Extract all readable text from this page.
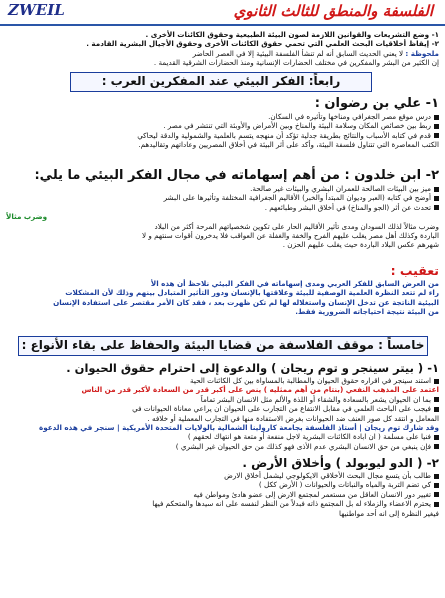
الفلسفة والمنطق للثالث الثانوي
ZWEIL
١- وضع التشريعات والقوانين اللازمة لصون البيئة الطبيعية وحقوق الكائنات الأخرى .
٢- إيقاظ أخلاقيات البحث العلمي التي تحمي حقوق الكائنات الأخرى وحقوق الأجيال البشرية القادمة .
ملحوظة : لا يعني الحديث السابق أنه لم تنشأ الفلسفة البيئية إلا في العصر الحاضر
إن الكثير من البشر والمفكرين في مختلف الحضارات الإنسانية ومنذ الحضارات الشرقية القديمة .
رابعاً: الفكر البيئي عند المفكرين العرب :
١- علي بن رضوان :
درس موقع مصر الجغرافي ومناخها وتأثيره في السكان.
ربط بين خصائص المكان وسلامة البيئة والمناخ وبين الأمراض والأوبئة التي تنتشر في مصر .
قدم في كتابه الأسباب والنتائج بطريقة جدلية تؤكد أن منهجه يتسم بالعلمية والشمولية والدقة ليحاكي
الكتب المعاصرة التي تتناول فلسفة البيئة، وأكد على أثر البيئة في أخلاق المصريين وعاداتهم وتقاليدهم.
٢- ابن خلدون : من أهم إسهاماته في مجال الفكر البيئي ما يلي:
ميز بين البيئات الصالحة للعمران البشري والبيئات غير صالحة.
أوضح في كتابه (العبر وديوان المبتدأ والخبر) الأقاليم الجغرافية المختلفة وتأثيرها على البشر
تحدث عن أثر (الجو والمناخ) في أخلاق البشر وطبائعهم .
وضرب مثالاً
وضرب مثالاً لذلك السودان ومدى تأثير الأقاليم الحار على تكوين شخصياتهم المرحة أكثر من البلاد
الباردة وكذلك أهل مصر يغلب عليهم الفرح والخفة والغفلة عن العواقب فلا يدخرون أقوات سنتهم و لا
شهرهم عكس البلاد الباردة حيث يغلب عليهم الحزن .
تعقيب :
من العرض السابق للفكر العربي ومدى إسهاماته في الفكر البيئي نلاحظ أن هذه الأ
راء لم تتعد النظرة العلمية الوصفية للبيئة وعلاقتها بالإنسان ودور التأثير المتبادل بينهم وذلك لأن المشكلات
البيئية الناتجة عن تدخل الإنسان واستغلاله لها لم تكن ظهرت بعد ، فقد كان الأمر مقتصر على استفادة الإنسان
من البيئة نتيجة احتياجاته الضرورية فقط.
خامساً : موقف الفلاسفة من قضايا البيئة والحفاظ على بقاء الأنواع :
١- ( بيتر سينجر و توم ريجان ) والدعوة إلى احترام حقوق الحيوان .
استند سينجر في اقراره حقوق الحيوان والمطالبة بالمساواة بين كل الكائنات الحية
اعتمد على المذهب النفعي (بنتام من أهم ممثليه ) ينص على أكبر قدر من السعادة لأكبر قدر من الناس
بما ان الحيوان يشعر بالسعادة والشقاء أو اللذة والألم مثل الانسان البشر تماماً
فيجب على الباحث العلمي في مقابل الانتفاع من التجارب على الحيوان ان يراعي معاناة الحيوانات في
المعامل و انتقد كل صور العنف ضد الحيوانات بغرض الاستفادة منها في التجارب المعملية أو خلافه .
وقد شارك توم ريجان | أستاذ الفلسفة بجامعة كارولينا الشمالية بالولايات المتحدة الأمريكية | سنجر في هذه الدعوة
فنيا على مسلمة ( ان ابادة الكائنات البشرية لاجل منفعة أو متعة هو انتهاك لحقهم )
فإن ينبغي من حق الانسان البشري عدم الأذى فهو كذلك من حق الحيوان غير البشري )
٢- ( الدو ليوبولد ) وأخلاق الأرض .
طالب بأن يتسع مجال البحث الأخلاقي الايكولوجي ليشمل أخلاق الارض
كي تضم التربة والمياه والنباتات والحيوانات ( الأرض ككل )
تغيير دور الانسان العاقل من مستعمر لمجتمع الارض إلى عضو هادئ ومواطن فيه
يحترم الاعضاء والزملاء له بل المجتمع ذاته فبدلاً من النظر لنفسه على انه سيدها والمتحكم فيها
فيغير النظرة إلى انه أحد مواطنيها
